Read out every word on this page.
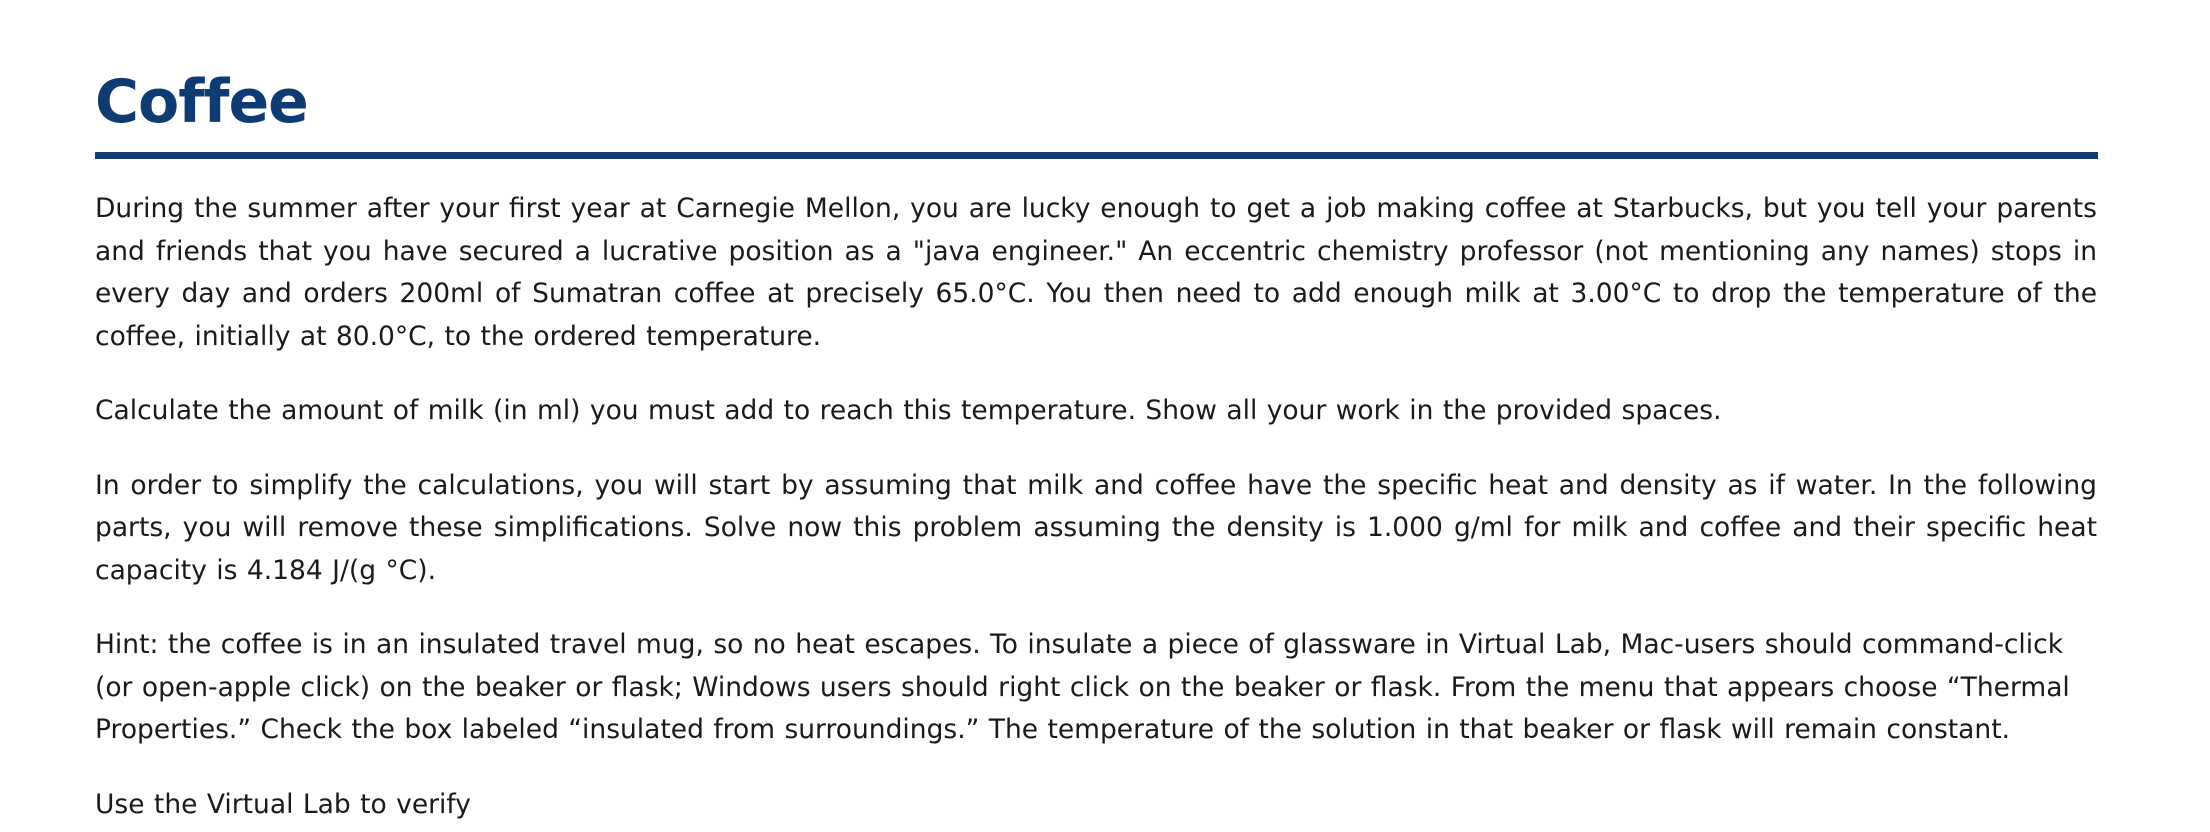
Coffee

During the summer after your first year at Carnegie Mellon, you are lucky enough to get a job making coffee at Starbucks, but you tell your parents and friends that you have secured a lucrative position as a "java engineer." An eccentric chemistry professor (not mentioning any names) stops in every day and orders 200ml of Sumatran coffee at precisely 65.0°C. You then need to add enough milk at 3.00°C to drop the temperature of the coffee, initially at 80.0°C, to the ordered temperature.

Calculate the amount of milk (in ml) you must add to reach this temperature. Show all your work in the provided spaces.

In order to simplify the calculations, you will start by assuming that milk and coffee have the specific heat and density as if water. In the following parts, you will remove these simplifications. Solve now this problem assuming the density is 1.000 g/ml for milk and coffee and their specific heat capacity is 4.184 J/(g °C).

Hint: the coffee is in an insulated travel mug, so no heat escapes. To insulate a piece of glassware in Virtual Lab, Mac-users should command-click (or open-apple click) on the beaker or flask; Windows users should right click on the beaker or flask. From the menu that appears choose “Thermal Properties.” Check the box labeled “insulated from surroundings.” The temperature of the solution in that beaker or flask will remain constant.

Use the Virtual Lab to verify
